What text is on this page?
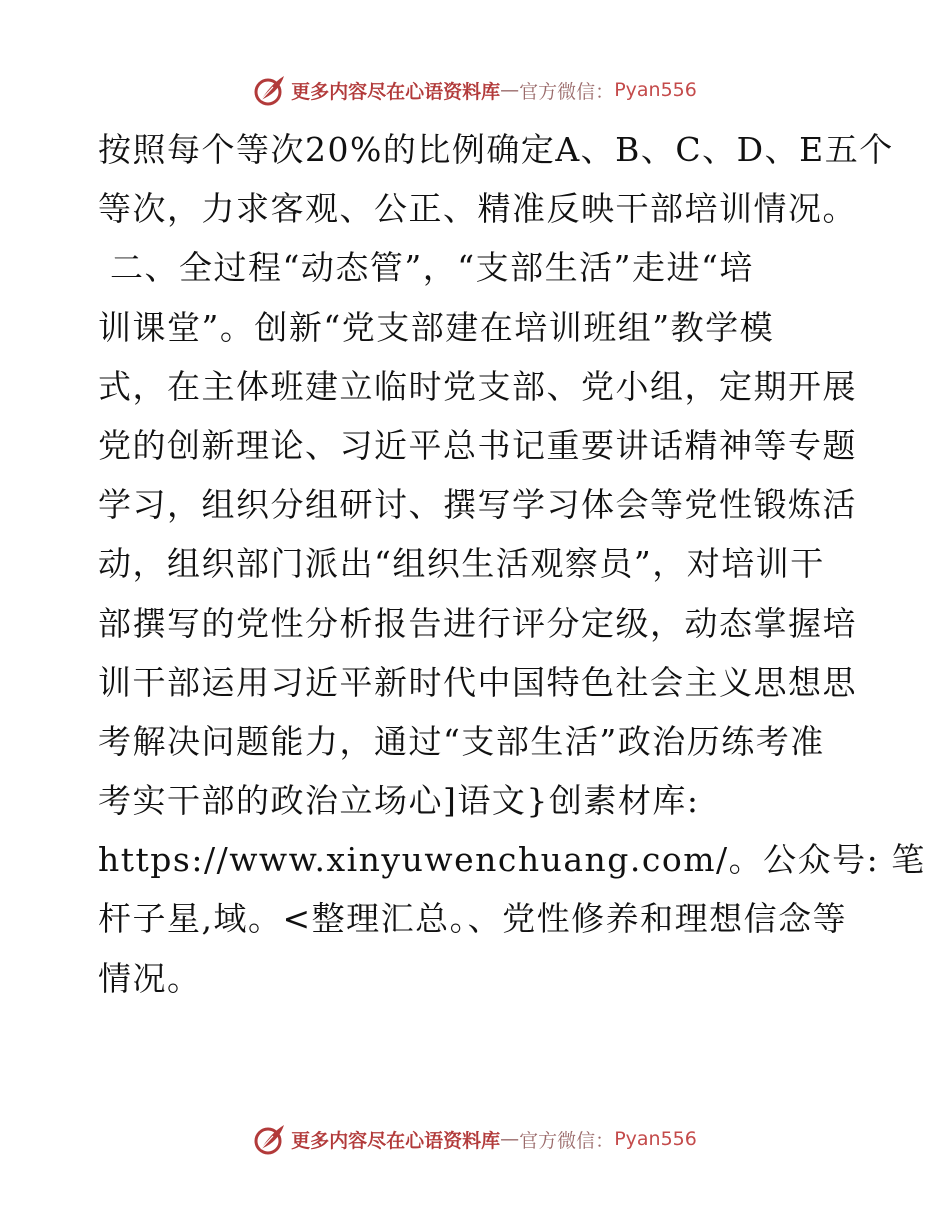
更多内容尽在心语资料库 — 官方微信： Pyan556
按照每个等次20%的比例确定A、B、C、D、E五个
等次，力求客观、公正、精准反映干部培训情况。
二、全过程“动态管”，“支部生活”走进“培
训课堂”。创新“党支部建在培训班组”教学模
式，在主体班建立临时党支部、党小组，定期开展
党的创新理论、习近平总书记重要讲话精神等专题
学习，组织分组研讨、撰写学习体会等党性锻炼活
动，组织部门派出“组织生活观察员”，对培训干
部撰写的党性分析报告进行评分定级，动态掌握培
训干部运用习近平新时代中国特色社会主义思想思
考解决问题能力，通过“支部生活”政治历练考准
考实干部的政治立场心]语文}创素材库:
https://www.xinyuwenchuang.com/。公众号: 笔
杆子星,域。<整理汇总。、党性修养和理想信念等
情况。
更多内容尽在心语资料库 — 官方微信： Pyan556
